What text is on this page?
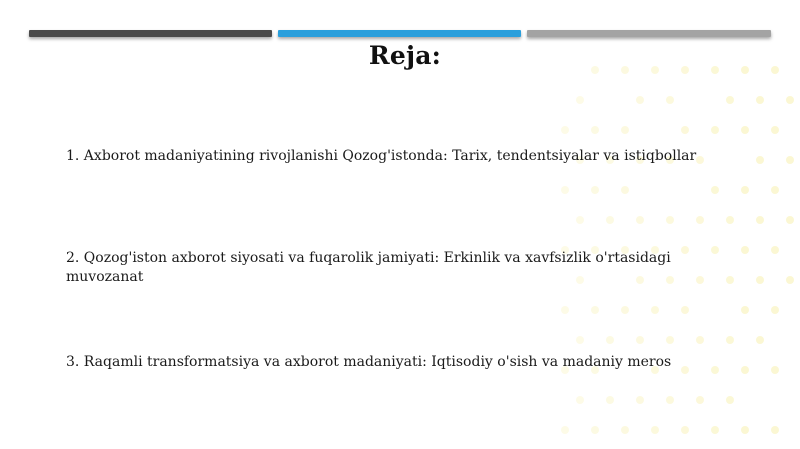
Reja:
1. Axborot madaniyatining rivojlanishi Qozog'istonda: Tarix, tendentsiyalar va istiqbollar
2. Qozog'iston axborot siyosati va fuqarolik jamiyati: Erkinlik va xavfsizlik o'rtasidagi muvozanat
3. Raqamli transformatsiya va axborot madaniyati: Iqtisodiy o'sish va madaniy meros
